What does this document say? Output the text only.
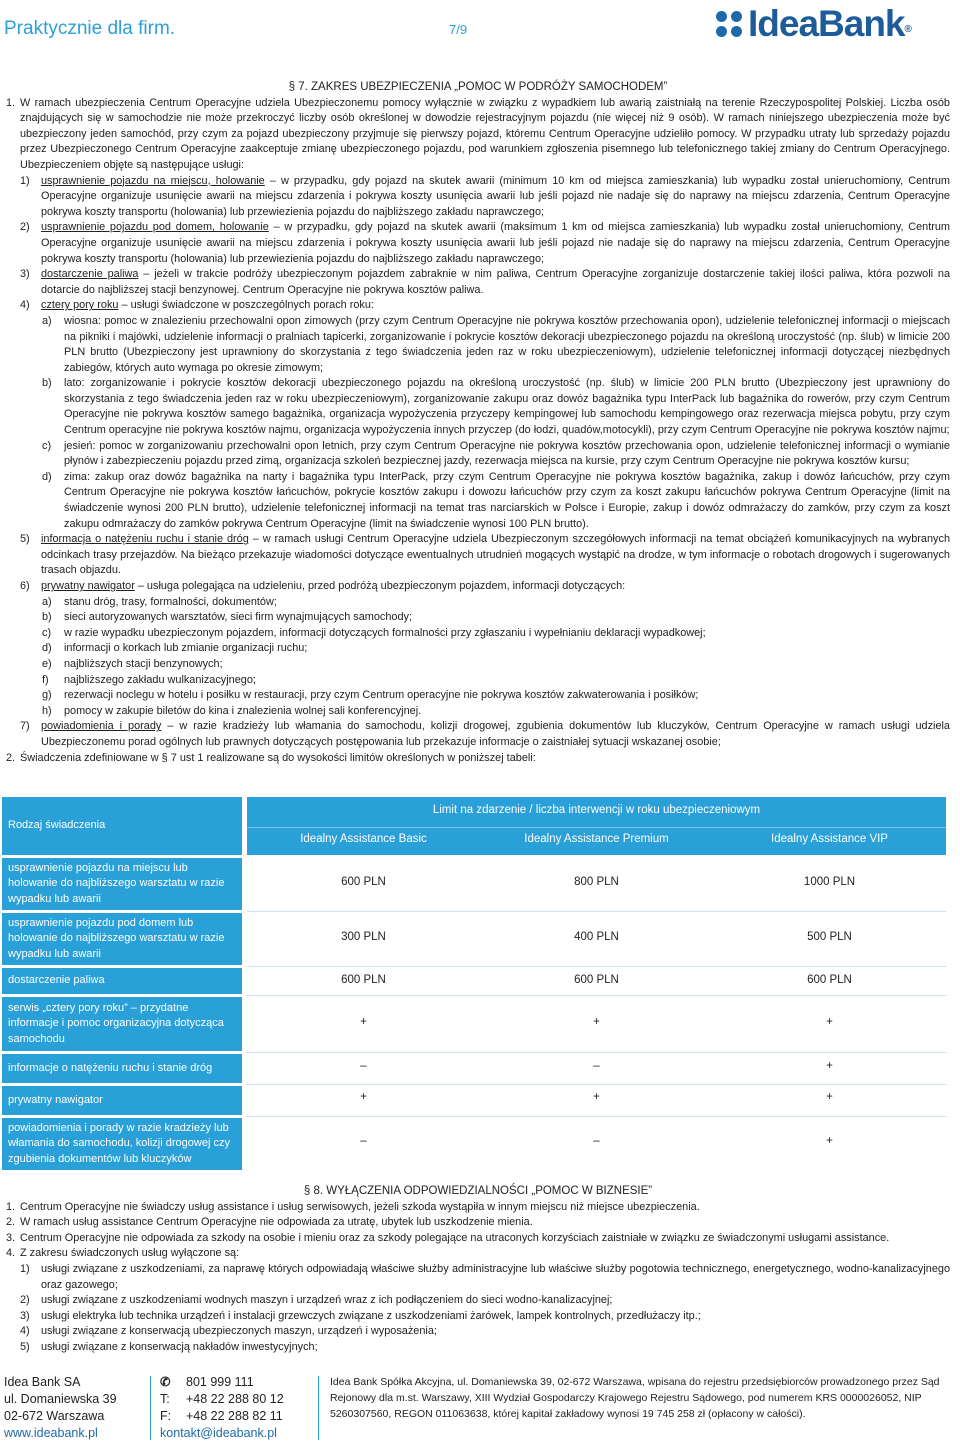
Praktycznie dla firm.	7/9	IdeaBank®

§ 7. ZAKRES UBEZPIECZENIA „POMOC W PODRÓŻY SAMOCHODEM”

1. W ramach ubezpieczenia Centrum Operacyjne udziela Ubezpieczonemu pomocy wyłącznie w związku z wypadkiem lub awarią zaistniałą na terenie Rzeczypospolitej Polskiej. Liczba osób znajdujących się w samochodzie nie może przekroczyć liczby osób określonej w dowodzie rejestracyjnym pojazdu (nie więcej niż 9 osób). W ramach niniejszego ubezpieczenia może być ubezpieczony jeden samochód, przy czym za pojazd ubezpieczony przyjmuje się pierwszy pojazd, któremu Centrum Operacyjne udzieliło pomocy. W przypadku utraty lub sprzedaży pojazdu przez Ubezpieczonego Centrum Operacyjne zaakceptuje zmianę ubezpieczonego pojazdu, pod warunkiem zgłoszenia pisemnego lub telefonicznego takiej zmiany do Centrum Operacyjnego. Ubezpieczeniem objęte są następujące usługi:

1) usprawnienie pojazdu na miejscu, holowanie – w przypadku, gdy pojazd na skutek awarii (minimum 10 km od miejsca zamieszkania) lub wypadku został unieruchomiony, Centrum Operacyjne organizuje usunięcie awarii na miejscu zdarzenia i pokrywa koszty usunięcia awarii lub jeśli pojazd nie nadaje się do naprawy na miejscu zdarzenia, Centrum Operacyjne pokrywa koszty transportu (holowania) lub przewiezienia pojazdu do najbliższego zakładu naprawczego;

2) usprawnienie pojazdu pod domem, holowanie – w przypadku, gdy pojazd na skutek awarii (maksimum 1 km od miejsca zamieszkania) lub wypadku został unieruchomiony, Centrum Operacyjne organizuje usunięcie awarii na miejscu zdarzenia i pokrywa koszty usunięcia awarii lub jeśli pojazd nie nadaje się do naprawy na miejscu zdarzenia, Centrum Operacyjne pokrywa koszty transportu (holowania) lub przewiezienia pojazdu do najbliższego zakładu naprawczego;

3) dostarczenie paliwa – jeżeli w trakcie podróży ubezpieczonym pojazdem zabraknie w nim paliwa, Centrum Operacyjne zorganizuje dostarczenie takiej ilości paliwa, która pozwoli na dotarcie do najbliższej stacji benzynowej. Centrum Operacyjne nie pokrywa kosztów paliwa.

4) cztery pory roku – usługi świadczone w poszczególnych porach roku:

a) wiosna: pomoc w znalezieniu przechowalni opon zimowych (przy czym Centrum Operacyjne nie pokrywa kosztów przechowania opon), udzielenie telefonicznej informacji o miejscach na pikniki i majówki, udzielenie informacji o pralniach tapicerki, zorganizowanie i pokrycie kosztów dekoracji ubezpieczonego pojazdu na określoną uroczystość (np. ślub) w limicie 200 PLN brutto (Ubezpieczony jest uprawniony do skorzystania z tego świadczenia jeden raz w roku ubezpieczeniowym), udzielenie telefonicznej informacji dotyczącej niezbędnych zabiegów, których auto wymaga po okresie zimowym;

b) lato: zorganizowanie i pokrycie kosztów dekoracji ubezpieczonego pojazdu na określoną uroczystość (np. ślub) w limicie 200 PLN brutto (Ubezpieczony jest uprawniony do skorzystania z tego świadczenia jeden raz w roku ubezpieczeniowym), zorganizowanie zakupu oraz dowóz bagażnika typu InterPack lub bagażnika do rowerów, przy czym Centrum Operacyjne nie pokrywa kosztów samego bagażnika, organizacja wypożyczenia przyczepy kempingowej lub samochodu kempingowego oraz rezerwacja miejsca pobytu, przy czym Centrum operacyjne nie pokrywa kosztów najmu, organizacja wypożyczenia innych przyczep (do łodzi, quadów,motocykli), przy czym Centrum Operacyjne nie pokrywa kosztów najmu;

c) jesień: pomoc w zorganizowaniu przechowalni opon letnich, przy czym Centrum Operacyjne nie pokrywa kosztów przechowania opon, udzielenie telefonicznej informacji o wymianie płynów i zabezpieczeniu pojazdu przed zimą, organizacja szkoleń bezpiecznej jazdy, rezerwacja miejsca na kursie, przy czym Centrum Operacyjne nie pokrywa kosztów kursu;

d) zima: zakup oraz dowóz bagażnika na narty i bagażnika typu InterPack, przy czym Centrum Operacyjne nie pokrywa kosztów bagażnika, zakup i dowóz łańcuchów, przy czym Centrum Operacyjne nie pokrywa kosztów łańcuchów, pokrycie kosztów zakupu i dowozu łańcuchów przy czym za koszt zakupu łańcuchów pokrywa Centrum Operacyjne (limit na świadczenie wynosi 200 PLN brutto), udzielenie telefonicznej informacji na temat tras narciarskich w Polsce i Europie, zakup i dowóz odmrażaczy do zamków, przy czym za koszt zakupu odmrażaczy do zamków pokrywa Centrum Operacyjne (limit na świadczenie wynosi 100 PLN brutto).

5) informacja o natężeniu ruchu i stanie dróg – w ramach usługi Centrum Operacyjne udziela Ubezpieczonym szczegółowych informacji na temat obciążeń komunikacyjnych na wybranych odcinkach trasy przejazdów. Na bieżąco przekazuje wiadomości dotyczące ewentualnych utrudnień mogących wystąpić na drodze, w tym informacje o robotach drogowych i sugerowanych trasach objazdu.

6) prywatny nawigator – usługa polegająca na udzieleniu, przed podróżą ubezpieczonym pojazdem, informacji dotyczących:

a) stanu dróg, trasy, formalności, dokumentów;

b) sieci autoryzowanych warsztatów, sieci firm wynajmujących samochody;

c) w razie wypadku ubezpieczonym pojazdem, informacji dotyczących formalności przy zgłaszaniu i wypełnianiu deklaracji wypadkowej;

d) informacji o korkach lub zmianie organizacji ruchu;

e) najbliższych stacji benzynowych;

f) najbliższego zakładu wulkanizacyjnego;

g) rezerwacji noclegu w hotelu i posiłku w restauracji, przy czym Centrum operacyjne nie pokrywa kosztów zakwaterowania i posiłków;

h) pomocy w zakupie biletów do kina i znalezienia wolnej sali konferencyjnej.

7) powiadomienia i porady – w razie kradzieży lub włamania do samochodu, kolizji drogowej, zgubienia dokumentów lub kluczyków, Centrum Operacyjne w ramach usługi udziela Ubezpieczonemu porad ogólnych lub prawnych dotyczących postępowania lub przekazuje informacje o zaistniałej sytuacji wskazanej osobie;

2. Świadczenia zdefiniowane w § 7 ust 1 realizowane są do wysokości limitów określonych w poniższej tabeli:

Rodzaj świadczenia
Limit na zdarzenie / liczba interwencji w roku ubezpieczeniowym
Idealny Assistance Basic	Idealny Assistance Premium	Idealny Assistance VIP
usprawnienie pojazdu na miejscu lub holowanie do najbliższego warsztatu w razie wypadku lub awarii
600 PLN	800 PLN	1000 PLN
usprawnienie pojazdu pod domem lub holowanie do najbliższego warsztatu w razie wypadku lub awarii
300 PLN	400 PLN	500 PLN
dostarczenie paliwa	600 PLN	600 PLN	600 PLN
serwis „cztery pory roku” – przydatne informacje i pomoc organizacyjna dotycząca samochodu
+	+	+
informacje o natężeniu ruchu i stanie dróg	–	–	+
prywatny nawigator	+	+	+
powiadomienia i porady w razie kradzieży lub włamania do samochodu, kolizji drogowej czy zgubienia dokumentów lub kluczyków
–	–	+

§ 8. WYŁĄCZENIA ODPOWIEDZIALNOŚCI „POMOC W BIZNESIE”

1. Centrum Operacyjne nie świadczy usług assistance i usług serwisowych, jeżeli szkoda wystąpiła w innym miejscu niż miejsce ubezpieczenia.

2. W ramach usług assistance Centrum Operacyjne nie odpowiada za utratę, ubytek lub uszkodzenie mienia.

3. Centrum Operacyjne nie odpowiada za szkody na osobie i mieniu oraz za szkody polegające na utraconych korzyściach zaistniałe w związku ze świadczonymi usługami assistance.

4. Z zakresu świadczonych usług wyłączone są:

1) usługi związane z uszkodzeniami, za naprawę których odpowiadają właściwe służby administracyjne lub właściwe służby pogotowia technicznego, energetycznego, wodno-kanalizacyjnego oraz gazowego;

2) usługi związane z uszkodzeniami wodnych maszyn i urządzeń wraz z ich podłączeniem do sieci wodno-kanalizacyjnej;

3) usługi elektryka lub technika urządzeń i instalacji grzewczych związane z uszkodzeniami żarówek, lampek kontrolnych, przedłużaczy itp.;

4) usługi związane z konserwacją ubezpieczonych maszyn, urządzeń i wyposażenia;

5) usługi związane z konserwacją nakładów inwestycyjnych;

Idea Bank SA
ul. Domaniewska 39
02-672 Warszawa
www.ideabank.pl
✆ 801 999 111
T: +48 22 288 80 12
F: +48 22 288 82 11
kontakt@ideabank.pl
Idea Bank Spółka Akcyjna, ul. Domaniewska 39, 02-672 Warszawa, wpisana do rejestru przedsiębiorców prowadzonego przez Sąd Rejonowy dla m.st. Warszawy, XIII Wydział Gospodarczy Krajowego Rejestru Sądowego, pod numerem KRS 0000026052, NIP 5260307560, REGON 011063638, której kapitał zakładowy wynosi 19 745 258 zł (opłacony w całości).
